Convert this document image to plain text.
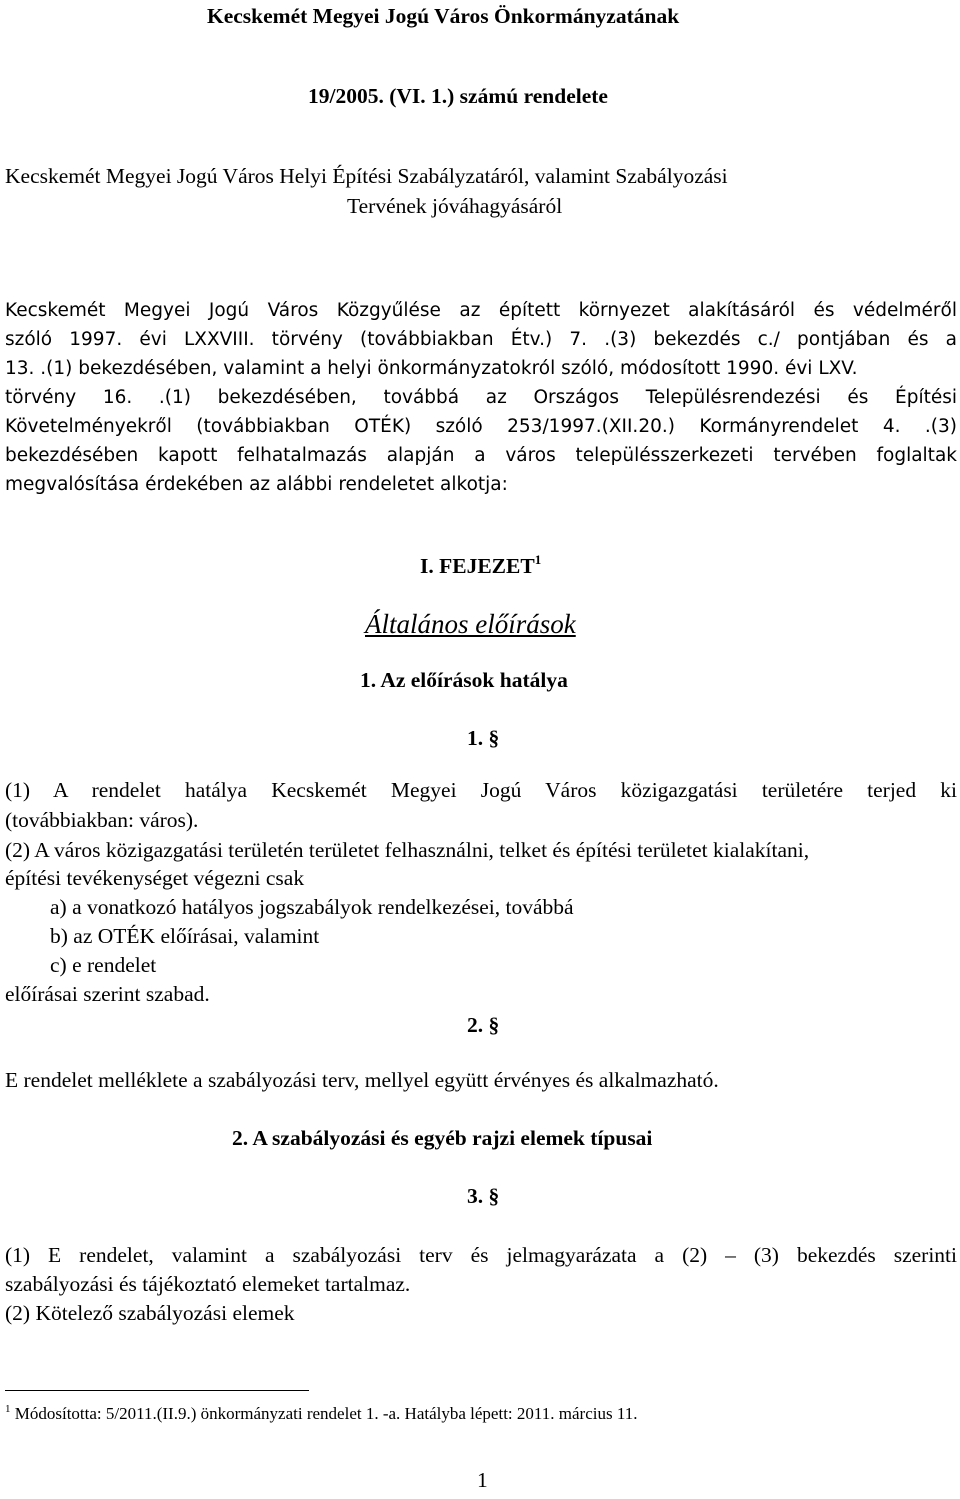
Kecskemét Megyei Jogú Város Önkormányzatának
19/2005. (VI. 1.) számú rendelete
Kecskemét Megyei Jogú Város Helyi Építési Szabályzatáról, valamint Szabályozási
Tervének jóváhagyásáról
Kecskemét Megyei Jogú Város Közgyűlése az épített környezet alakításáról és védelméről
szóló 1997. évi LXXVIII. törvény (továbbiakban Étv.) 7. .(3) bekezdés c./ pontjában és a
13. .(1) bekezdésében, valamint a helyi önkormányzatokról szóló, módosított 1990. évi LXV.
törvény 16. .(1) bekezdésében, továbbá az Országos Településrendezési és Építési
Követelményekről (továbbiakban OTÉK) szóló 253/1997.(XII.20.) Kormányrendelet 4. .(3)
bekezdésében kapott felhatalmazás alapján a város településszerkezeti tervében foglaltak
megvalósítása érdekében az alábbi rendeletet alkotja:
I. FEJEZET$^1$
Általános előírások
1. Az előírások hatálya
1. §
(1) A rendelet hatálya Kecskemét Megyei Jogú Város közigazgatási területére terjed ki
(továbbiakban: város).
(2) A város közigazgatási területén területet felhasználni, telket és építési területet kialakítani,
építési tevékenységet végezni csak
a) a vonatkozó hatályos jogszabályok rendelkezései, továbbá
b) az OTÉK előírásai, valamint
c) e rendelet
előírásai szerint szabad.
2. §
E rendelet melléklete a szabályozási terv, mellyel együtt érvényes és alkalmazható.
2. A szabályozási és egyéb rajzi elemek típusai
3. §
(1) E rendelet, valamint a szabályozási terv és jelmagyarázata a (2) – (3) bekezdés szerinti
szabályozási és tájékoztató elemeket tartalmaz.
(2) Kötelező szabályozási elemek
$^1$ Módosította: 5/2011.(II.9.) önkormányzati rendelet 1. -a. Hatályba lépett: 2011. március 11.
1
